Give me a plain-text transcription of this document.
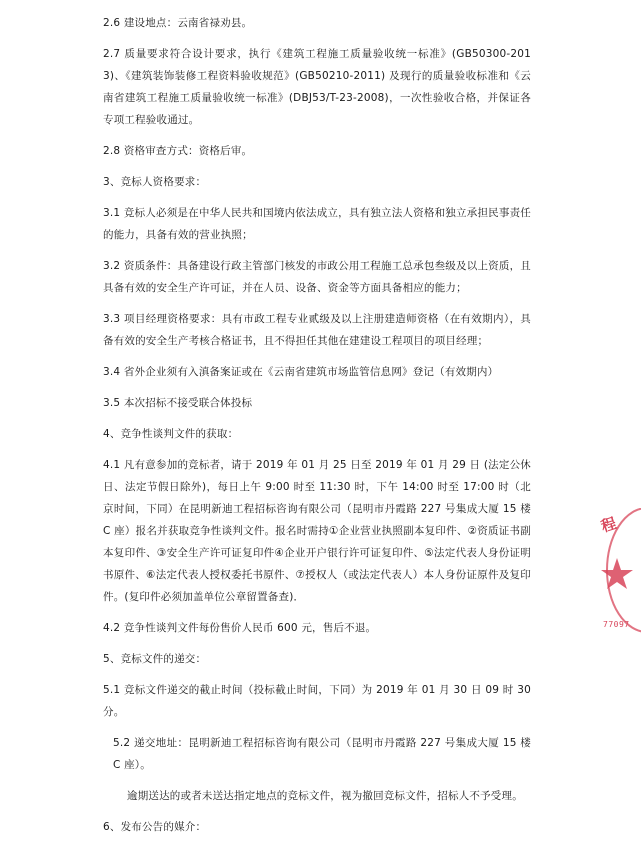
2.6 建设地点：云南省禄劝县。

2.7 质量要求符合设计要求，执行《建筑工程施工质量验收统一标准》(GB50300-2013)、《建筑装饰装修工程资料验收规范》(GB50210-2011) 及现行的质量验收标准和《云南省建筑工程施工质量验收统一标准》(DBJ53/T-23-2008)，一次性验收合格，并保证各专项工程验收通过。

2.8 资格审查方式：资格后审。

3、竞标人资格要求：

3.1 竞标人必须是在中华人民共和国境内依法成立，具有独立法人资格和独立承担民事责任的能力，具备有效的营业执照；

3.2 资质条件：具备建设行政主管部门核发的市政公用工程施工总承包叁级及以上资质，且具备有效的安全生产许可证，并在人员、设备、资金等方面具备相应的能力；

3.3 项目经理资格要求：具有市政工程专业贰级及以上注册建造师资格（在有效期内），具备有效的安全生产考核合格证书，且不得担任其他在建建设工程项目的项目经理；

3.4 省外企业须有入滇备案证或在《云南省建筑市场监管信息网》登记（有效期内）

3.5 本次招标不接受联合体投标

4、竞争性谈判文件的获取：

4.1 凡有意参加的竞标者，请于 2019 年 01 月 25 日至 2019 年 01 月 29 日 (法定公休日、法定节假日除外)，每日上午 9:00 时至 11:30 时，下午 14:00 时至 17:00 时（北京时间，下同）在昆明新迪工程招标咨询有限公司（昆明市丹霞路 227 号集成大厦 15 楼 C 座）报名并获取竞争性谈判文件。报名时需持①企业营业执照副本复印件、②资质证书副本复印件、③安全生产许可证复印件④企业开户银行许可证复印件、⑤法定代表人身份证明书原件、⑥法定代表人授权委托书原件、⑦授权人（或法定代表人）本人身份证原件及复印件。(复印件必须加盖单位公章留置备查)．

4.2 竞争性谈判文件每份售价人民币 600 元，售后不退。

5、竞标文件的递交：

5.1 竞标文件递交的截止时间（投标截止时间，下同）为 2019 年 01 月 30 日 09 时 30 分。

5.2 递交地址：昆明新迪工程招标咨询有限公司（昆明市丹霞路 227 号集成大厦 15 楼 C 座）。

逾期送达的或者未送达指定地点的竞标文件，视为撤回竞标文件，招标人不予受理。

6、发布公告的媒介：

程
77097
